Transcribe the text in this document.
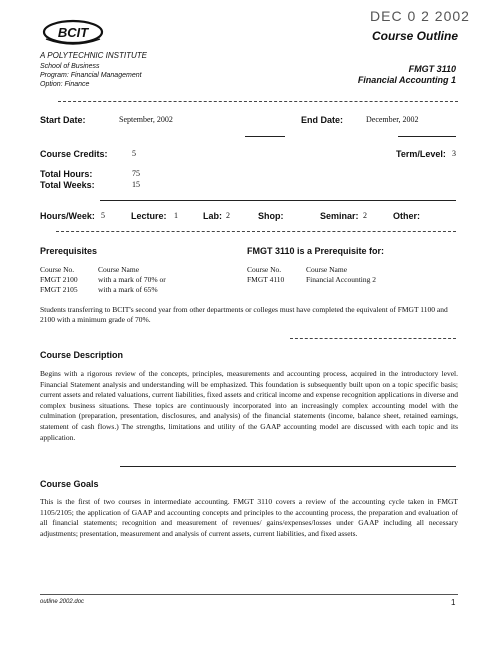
DEC 0 2 2002
BCIT
A POLYTECHNIC INSTITUTE
School of Business
Program: Financial Management
Option: Finance
Course Outline
FMGT 3110
Financial Accounting 1
Start Date:	September, 2002	End Date:	December, 2002
Course Credits:	5	Term/Level: 3
Total Hours:	75
Total Weeks:	15
Hours/Week: 5	Lecture: 1	Lab: 2	Shop:	Seminar: 2	Other:
Prerequisites
Course No.	Course Name
FMGT 2100	with a mark of 70% or
FMGT 2105	with a mark of 65%
FMGT 3110 is a Prerequisite for:
Course No.	Course Name
FMGT 4110	Financial Accounting 2

Students transferring to BCIT's second year from other departments or colleges must have completed the equivalent of FMGT 1100 and 2100 with a minimum grade of 70%.

Course Description

Begins with a rigorous review of the concepts, principles, measurements and accounting process, acquired in the introductory level. Financial Statement analysis and understanding will be emphasized. This foundation is subsequently built upon on a topic specific basis; current assets and related valuations, current liabilities, fixed assets and critical income and expense recognition applications in diverse and complex business situations. These topics are continuously incorporated into an increasingly complex accounting model with the culmination (preparation, presentation, disclosures, and analysis) of the financial statements (income, balance sheet, retained earnings, statement of cash flows.) The strengths, limitations and utility of the GAAP accounting model are discussed with each topic and its application.

Course Goals

This is the first of two courses in intermediate accounting. FMGT 3110 covers a review of the accounting cycle taken in FMGT 1105/2105; the application of GAAP and accounting concepts and principles to the accounting process, the preparation and evaluation of all financial statements; recognition and measurement of revenues/ gains/expenses/losses under GAAP including all necessary adjustments; presentation, measurement and analysis of current assets, current liabilities, and fixed assets.

outline 2002.doc	1
